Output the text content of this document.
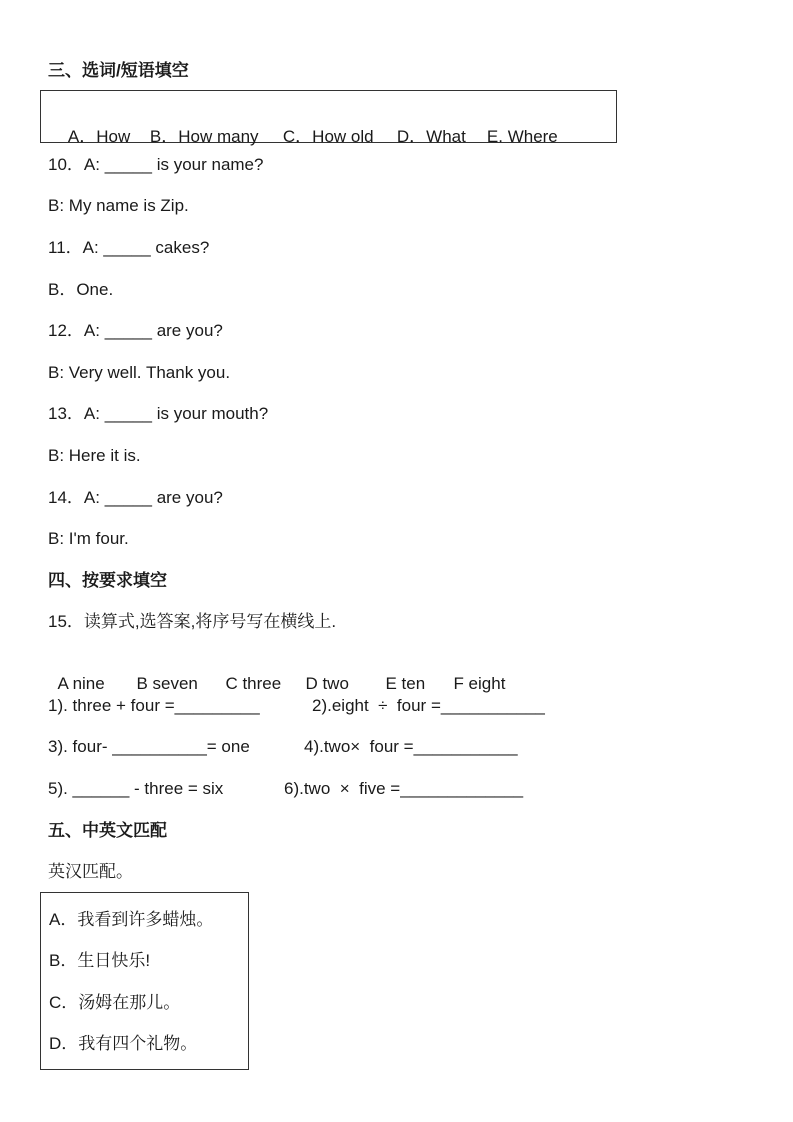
三、选词/短语填空

A．How B．How many C．How old D．What E. Where

10．A: _____ is your name?
B: My name is Zip.
11．A: _____ cakes?
B．One.
12．A: _____ are you?
B: Very well. Thank you.
13．A: _____ is your mouth?
B: Here it is.
14．A: _____ are you?
B: I'm four.
四、按要求填空
15．读算式,选答案,将序号写在横线上.

A nine B seven C three D two E ten F eight

1). three + four =_________	2).eight  ÷  four =___________
3). four- __________= one	4).two×  four =___________
5). ______ - three = six	6).two  ×  five =_____________
五、中英文匹配
英汉匹配。
A．我看到许多蜡烛。
B．生日快乐!
C．汤姆在那儿。
D．我有四个礼物。
